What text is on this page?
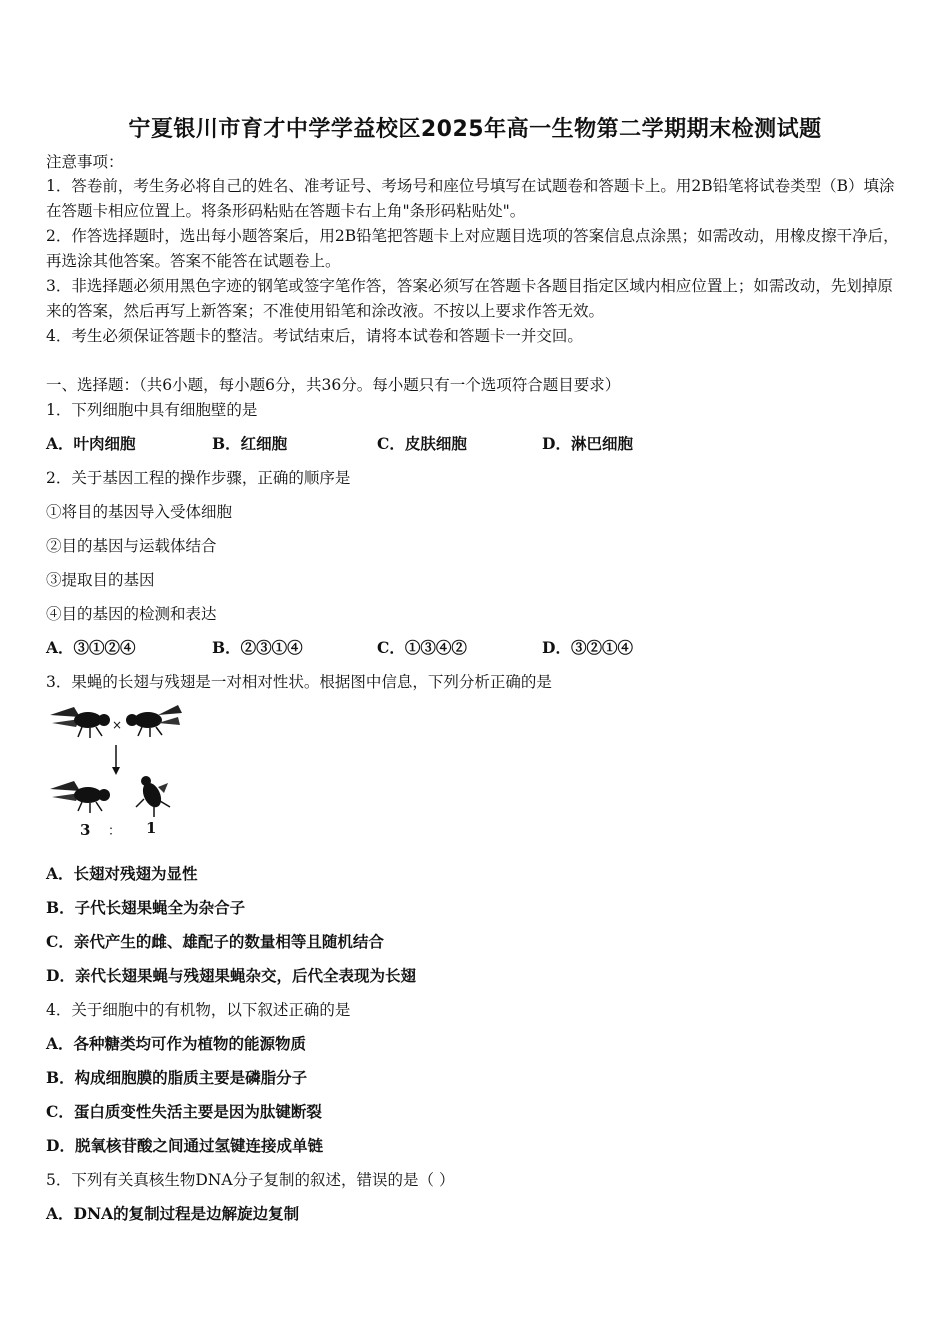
宁夏银川市育才中学学益校区2025年高一生物第二学期期末检测试题
注意事项：
1．答卷前，考生务必将自己的姓名、准考证号、考场号和座位号填写在试题卷和答题卡上。用2B铅笔将试卷类型（B）填涂在答题卡相应位置上。将条形码粘贴在答题卡右上角"条形码粘贴处"。
2．作答选择题时，选出每小题答案后，用2B铅笔把答题卡上对应题目选项的答案信息点涂黑；如需改动，用橡皮擦干净后，再选涂其他答案。答案不能答在试题卷上。
3．非选择题必须用黑色字迹的钢笔或签字笔作答，答案必须写在答题卡各题目指定区域内相应位置上；如需改动，先划掉原来的答案，然后再写上新答案；不准使用铅笔和涂改液。不按以上要求作答无效。
4．考生必须保证答题卡的整洁。考试结束后，请将本试卷和答题卡一并交回。
一、选择题：（共6小题，每小题6分，共36分。每小题只有一个选项符合题目要求）
1．下列细胞中具有细胞壁的是
A．叶肉细胞	B．红细胞	C．皮肤细胞	D．淋巴细胞
2．关于基因工程的操作步骤，正确的顺序是
①将目的基因导入受体细胞
②目的基因与运载体结合
③提取目的基因
④目的基因的检测和表达
A．③①②④	B．②③①④	C．①③④②	D．③②①④
3．果蝇的长翅与残翅是一对相对性状。根据图中信息，下列分析正确的是
×
3 ： 1
A．长翅对残翅为显性
B．子代长翅果蝇全为杂合子
C．亲代产生的雌、雄配子的数量相等且随机结合
D．亲代长翅果蝇与残翅果蝇杂交，后代全表现为长翅
4．关于细胞中的有机物，以下叙述正确的是
A．各种糖类均可作为植物的能源物质
B．构成细胞膜的脂质主要是磷脂分子
C．蛋白质变性失活主要是因为肽键断裂
D．脱氧核苷酸之间通过氢键连接成单链
5．下列有关真核生物DNA分子复制的叙述，错误的是（ ）
A．DNA的复制过程是边解旋边复制
